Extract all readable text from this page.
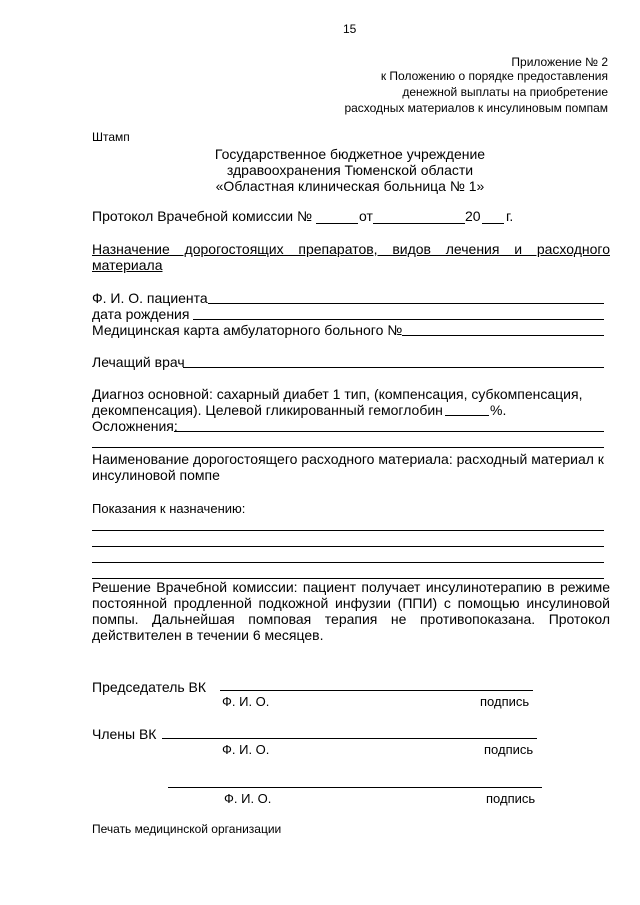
15
Приложение № 2
к Положению о порядке предоставления
денежной выплаты на приобретение
расходных материалов к инсулиновым помпам
Штамп
Государственное бюджетное учреждение
здравоохранения Тюменской области
«Областная клиническая больница № 1»
Протокол Врачебной комиссии №	от	20 г.
Назначение дорогостоящих препаратов, видов лечения и расходного
материала
Ф. И. О. пациента
дата рождения
Медицинская карта амбулаторного больного №
Лечащий врач
Диагноз основной: сахарный диабет 1 тип, (компенсация, субкомпенсация,
декомпенсация). Целевой гликированный гемоглобин	%.
Осложнения:
Наименование дорогостоящего расходного материала: расходный материал к
инсулиновой помпе
Показания к назначению:
Решение Врачебной комиссии: пациент получает инсулинотерапию в режиме
постоянной продленной подкожной инфузии (ППИ) с помощью инсулиновой
помпы. Дальнейшая помповая терапия не противопоказана. Протокол
действителен в течении 6 месяцев.
Председатель ВК
Ф. И. О.	подпись
Члены ВК
Ф. И. О.	подпись
Ф. И. О.	подпись
Печать медицинской организации
